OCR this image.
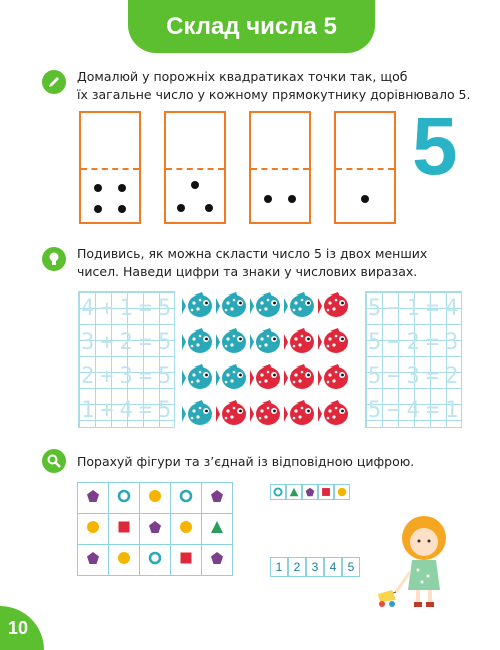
Склад числа 5
Домалюй у порожніх квадратиках точки так, щоб
їх загальне число у кожному прямокутнику дорівнювало 5.
5
Подивись, як можна скласти число 5 із двох менших
чисел. Наведи цифри та знаки у числових виразах.
4+1=5
3+2=5
2+3=5
1+4=5
5−1=4
5−2=3
5−3=2
5−4=1
Порахуй фігури та з’єднай із відповідною цифрою.

1 2 3 4 5
10
